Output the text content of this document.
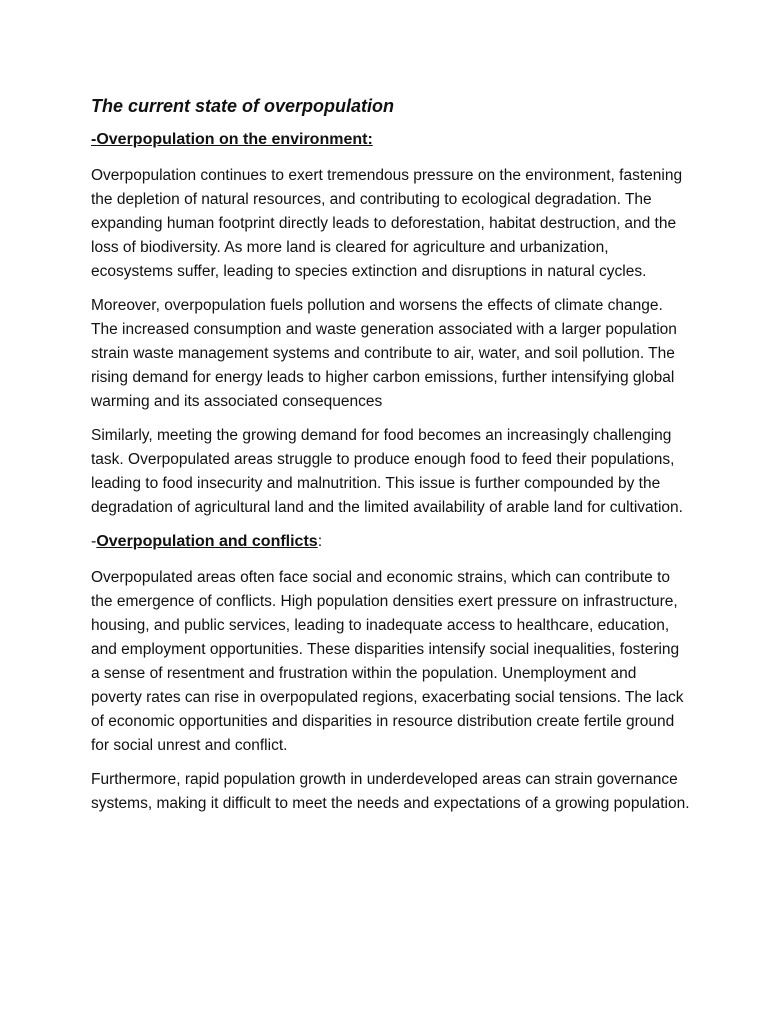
The current state of overpopulation
-Overpopulation on the environment:

Overpopulation continues to exert tremendous pressure on the environment, fastening the depletion of natural resources, and contributing to ecological degradation. The expanding human footprint directly leads to deforestation, habitat destruction, and the loss of biodiversity. As more land is cleared for agriculture and urbanization, ecosystems suffer, leading to species extinction and disruptions in natural cycles.

Moreover, overpopulation fuels pollution and worsens the effects of climate change. The increased consumption and waste generation associated with a larger population strain waste management systems and contribute to air, water, and soil pollution. The rising demand for energy leads to higher carbon emissions, further intensifying global warming and its associated consequences

Similarly, meeting the growing demand for food becomes an increasingly challenging task. Overpopulated areas struggle to produce enough food to feed their populations, leading to food insecurity and malnutrition. This issue is further compounded by the degradation of agricultural land and the limited availability of arable land for cultivation.

-Overpopulation and conflicts:

Overpopulated areas often face social and economic strains, which can contribute to the emergence of conflicts. High population densities exert pressure on infrastructure, housing, and public services, leading to inadequate access to healthcare, education, and employment opportunities. These disparities intensify social inequalities, fostering a sense of resentment and frustration within the population. Unemployment and poverty rates can rise in overpopulated regions, exacerbating social tensions. The lack of economic opportunities and disparities in resource distribution create fertile ground for social unrest and conflict.

Furthermore, rapid population growth in underdeveloped areas can strain governance systems, making it difficult to meet the needs and expectations of a growing population.
